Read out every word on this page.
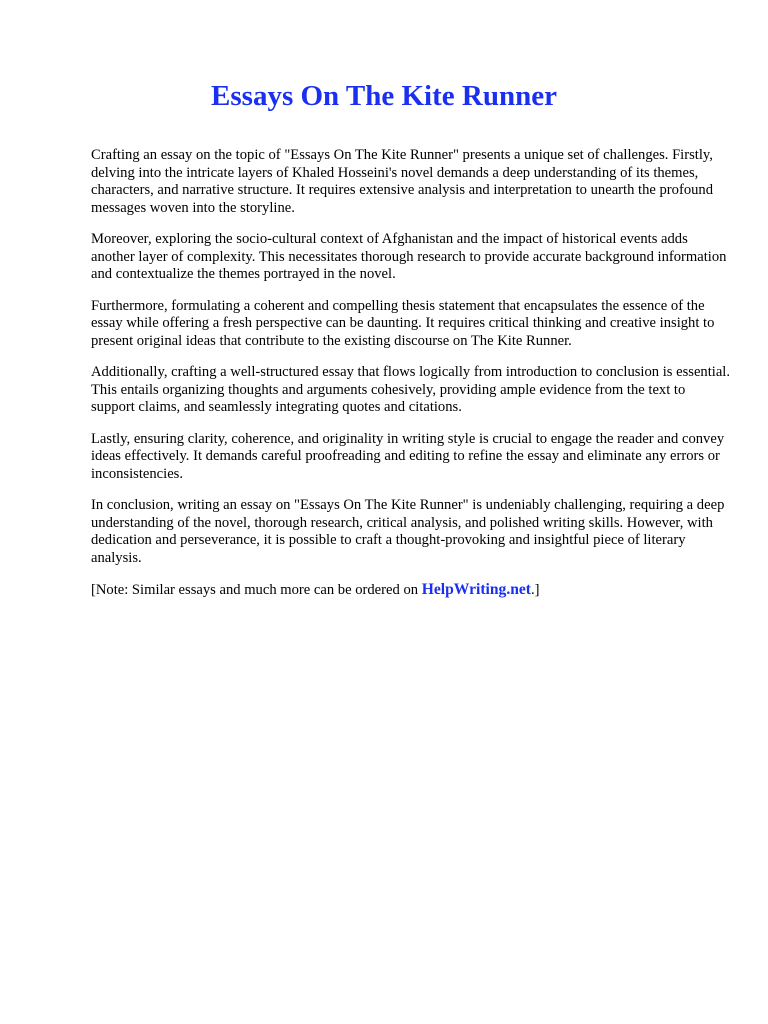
Essays On The Kite Runner

Crafting an essay on the topic of "Essays On The Kite Runner" presents a unique set of challenges. Firstly, delving into the intricate layers of Khaled Hosseini's novel demands a deep understanding of its themes, characters, and narrative structure. It requires extensive analysis and interpretation to unearth the profound messages woven into the storyline.

Moreover, exploring the socio-cultural context of Afghanistan and the impact of historical events adds another layer of complexity. This necessitates thorough research to provide accurate background information and contextualize the themes portrayed in the novel.

Furthermore, formulating a coherent and compelling thesis statement that encapsulates the essence of the essay while offering a fresh perspective can be daunting. It requires critical thinking and creative insight to present original ideas that contribute to the existing discourse on The Kite Runner.

Additionally, crafting a well-structured essay that flows logically from introduction to conclusion is essential. This entails organizing thoughts and arguments cohesively, providing ample evidence from the text to support claims, and seamlessly integrating quotes and citations.

Lastly, ensuring clarity, coherence, and originality in writing style is crucial to engage the reader and convey ideas effectively. It demands careful proofreading and editing to refine the essay and eliminate any errors or inconsistencies.

In conclusion, writing an essay on "Essays On The Kite Runner" is undeniably challenging, requiring a deep understanding of the novel, thorough research, critical analysis, and polished writing skills. However, with dedication and perseverance, it is possible to craft a thought-provoking and insightful piece of literary analysis.

[Note: Similar essays and much more can be ordered on HelpWriting.net.]
